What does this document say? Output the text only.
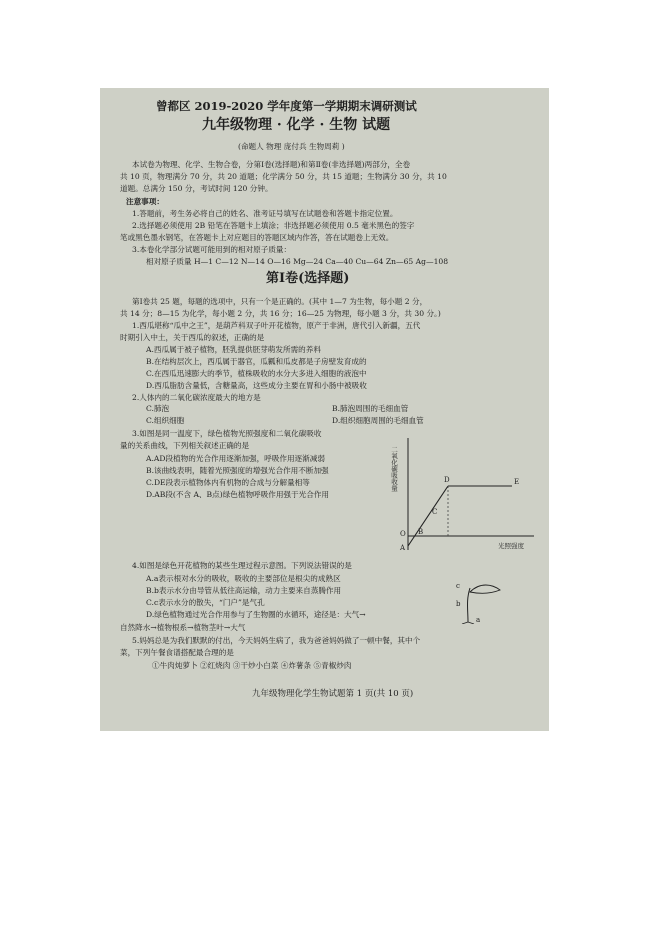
曾都区 2019-2020 学年度第一学期期末调研测试
九年级物理 · 化学 · 生物 试题
(命题人 物理 庞付兵 生物周莉 )
本试卷为物理、化学、生物合卷，分第Ⅰ卷(选择题)和第Ⅱ卷(非选择题)两部分，全卷
共 10 页，物理满分 70 分，共 20 道题；化学满分 50 分，共 15 道题；生物满分 30 分，共 10
道题。总满分 150 分，考试时间 120 分钟。
注意事项：
1.答题前，考生务必将自己的姓名、准考证号填写在试题卷和答题卡指定位置。
2.选择题必须使用 2B 铅笔在答题卡上填涂；非选择题必须使用 0.5 毫米黑色的签字
笔或黑色墨水钢笔，在答题卡上对应题目的答题区域内作答，答在试题卷上无效。
3.本卷化学部分试题可能用到的相对原子质量：
相对原子质量 H—1 C—12 N—14 O—16 Mg—24 Ca—40 Cu—64 Zn—65 Ag—108
第Ⅰ卷(选择题)
第Ⅰ卷共 25 题，每题的选项中，只有一个是正确的。(其中 1—7 为生物，每小题 2 分，
共 14 分；8—15 为化学，每小题 2 分，共 16 分；16—25 为物理，每小题 3 分，共 30 分。)
1.西瓜堪称“瓜中之王”，是葫芦科双子叶开花植物，原产于非洲，唐代引入新疆，五代
时期引入中土，关于西瓜的叙述，正确的是
A.西瓜属于被子植物，胚乳提供胚芽萌发所需的养料
B.在结构层次上，西瓜属于器官，瓜瓤和瓜皮都是子房壁发育成的
C.在西瓜迅速膨大的季节，植株吸收的水分大多进入细胞的液泡中
D.西瓜脂肪含量低，含糖量高，这些成分主要在胃和小肠中被吸收
2.人体内的二氧化碳浓度最大的地方是
C.肺泡	B.肺泡周围的毛细血管
C.组织细胞	D.组织细胞周围的毛细血管
3.如图是同一温度下，绿色植物光照强度和二氧化碳吸收
量的关系曲线，下列相关叙述正确的是
A.AD段植物的光合作用逐渐加强，呼吸作用逐渐减弱
B.该曲线表明，随着光照强度的增强光合作用不断加强
C.DE段表示植物体内有机物的合成与分解量相等
D.AB段(不含 A、B点)绿色植物呼吸作用强于光合作用
二氧化碳吸收量	E
D
C
B
A
O
光照强度
4.如图是绿色开花植物的某些生理过程示意图。下列说法错误的是
A.a表示根对水分的吸收，吸收的主要部位是根尖的成熟区
B.b表示水分由导管从低往高运输，动力主要来自蒸腾作用
C.c表示水分的散失，“门户”是气孔
D.绿色植物通过光合作用参与了生物圈的水循环，途径是：大气→
自然降水→植物根系→植物茎叶→大气
c
b
a
5.妈妈总是为我们默默的付出，今天妈妈生病了，我为爸爸妈妈做了一顿中餐，其中个
菜，下列午餐食谱搭配最合理的是
①牛肉炖萝卜 ②红烧肉 ③干炒小白菜 ④炸薯条 ⑤青椒炒肉
九年级物理化学生物试题第 1 页(共 10 页)
